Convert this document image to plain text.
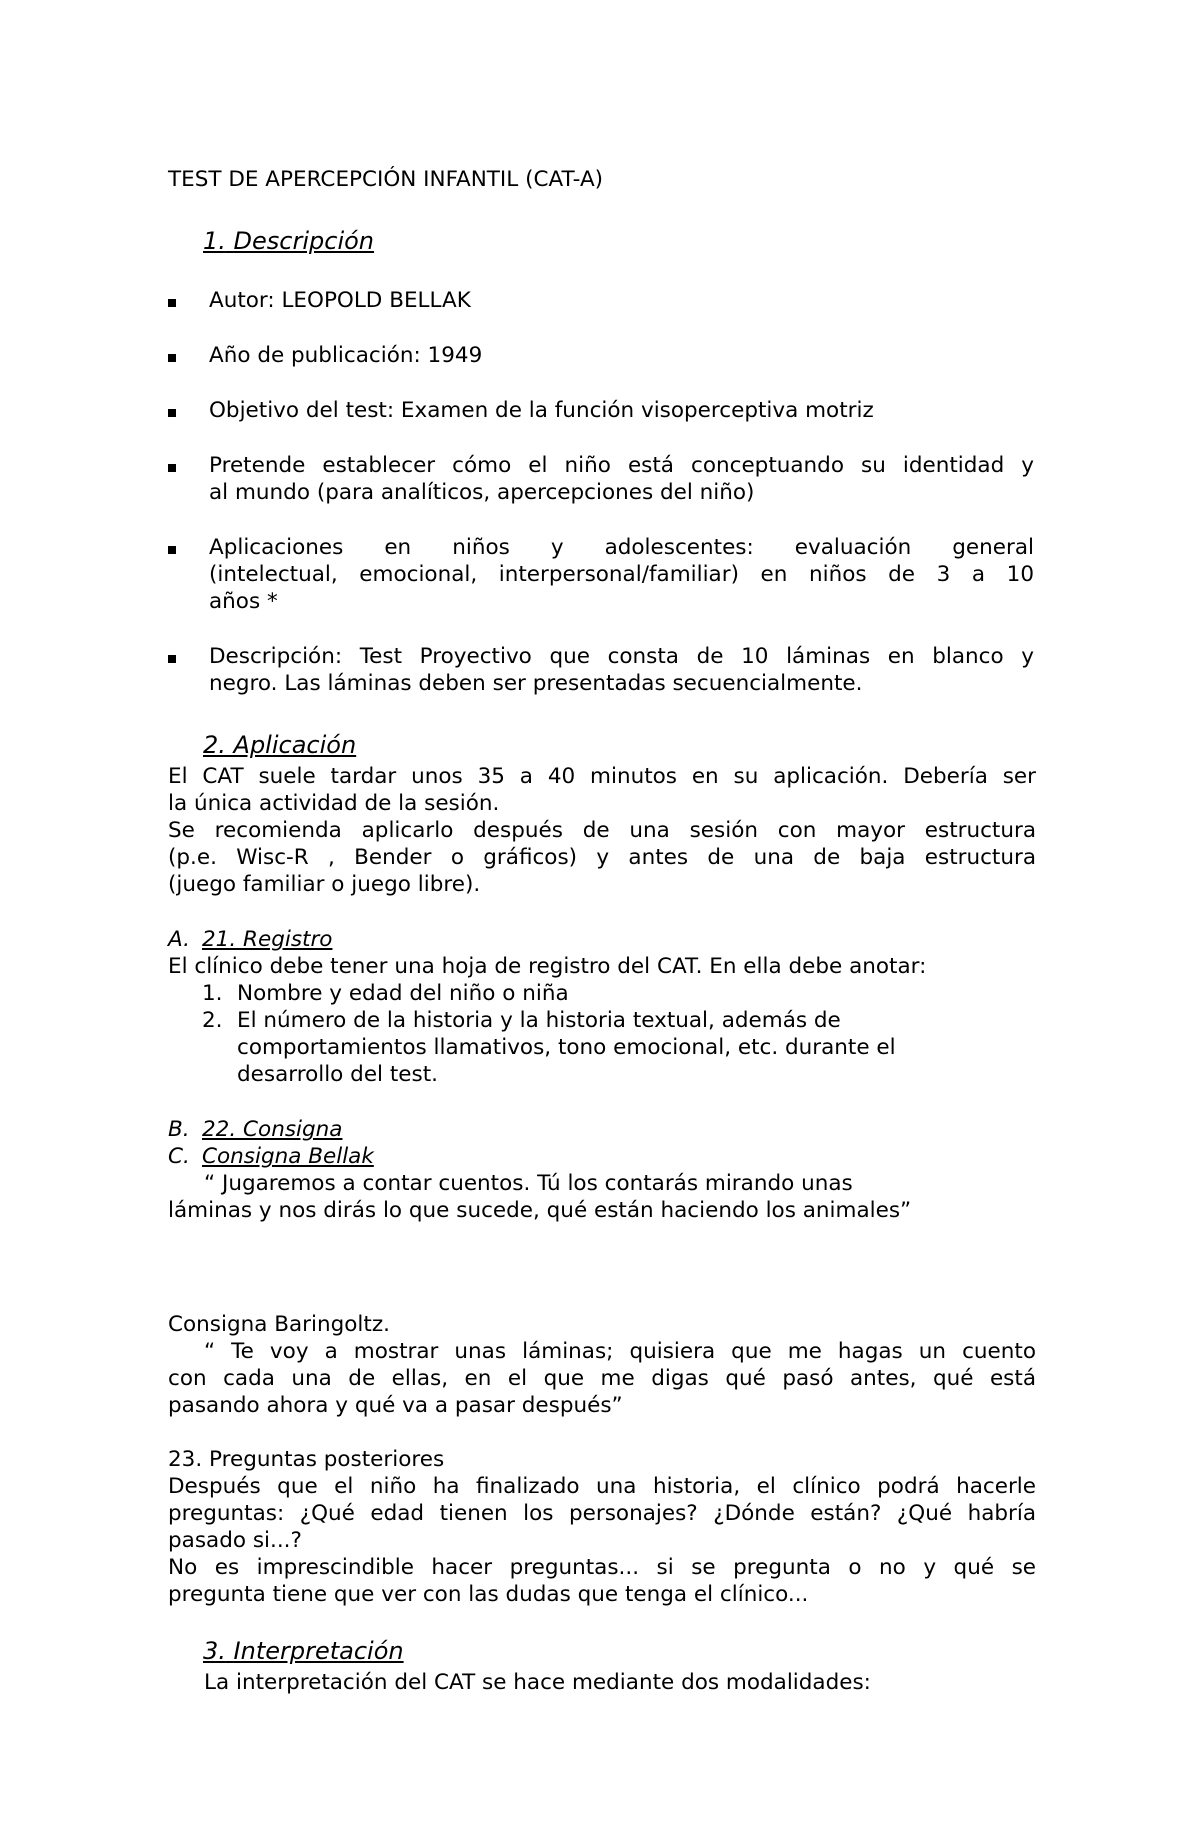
TEST DE APERCEPCIÓN INFANTIL (CAT-A)

1. Descripción

Autor: LEOPOLD BELLAK

Año de publicación: 1949

Objetivo del test: Examen de la función visoperceptiva motriz

Pretende establecer cómo el niño está conceptuando su identidad y

al mundo (para analíticos, apercepciones del niño)

Aplicaciones en niños y adolescentes: evaluación general

(intelectual, emocional, interpersonal/familiar) en niños de 3 a 10

años *

Descripción: Test Proyectivo que consta de 10 láminas en blanco y

negro. Las láminas deben ser presentadas secuencialmente.

2. Aplicación

El CAT suele tardar unos 35 a 40 minutos en su aplicación. Debería ser

la única actividad de la sesión.

Se recomienda aplicarlo después de una sesión con mayor estructura

(p.e. Wisc-R , Bender o gráficos) y antes de una de baja estructura

(juego familiar o juego libre).

A. 21. Registro

El clínico debe tener una hoja de registro del CAT. En ella debe anotar:

1. Nombre y edad del niño o niña
2. El número de la historia y la historia textual, además de
comportamientos llamativos, tono emocional, etc. durante el
desarrollo del test.
B. 22. Consigna
C. Consigna Bellak

“ Jugaremos a contar cuentos. Tú los contarás mirando unas

láminas y nos dirás lo que sucede, qué están haciendo los animales”

Consigna Baringoltz.

“ Te voy a mostrar unas láminas; quisiera que me hagas un cuento

con cada una de ellas, en el que me digas qué pasó antes, qué está

pasando ahora y qué va a pasar después”

23. Preguntas posteriores

Después que el niño ha finalizado una historia, el clínico podrá hacerle

preguntas: ¿Qué edad tienen los personajes? ¿Dónde están? ¿Qué habría

pasado si...?

No es imprescindible hacer preguntas... si se pregunta o no y qué se

pregunta tiene que ver con las dudas que tenga el clínico...

3. Interpretación

La interpretación del CAT se hace mediante dos modalidades:
